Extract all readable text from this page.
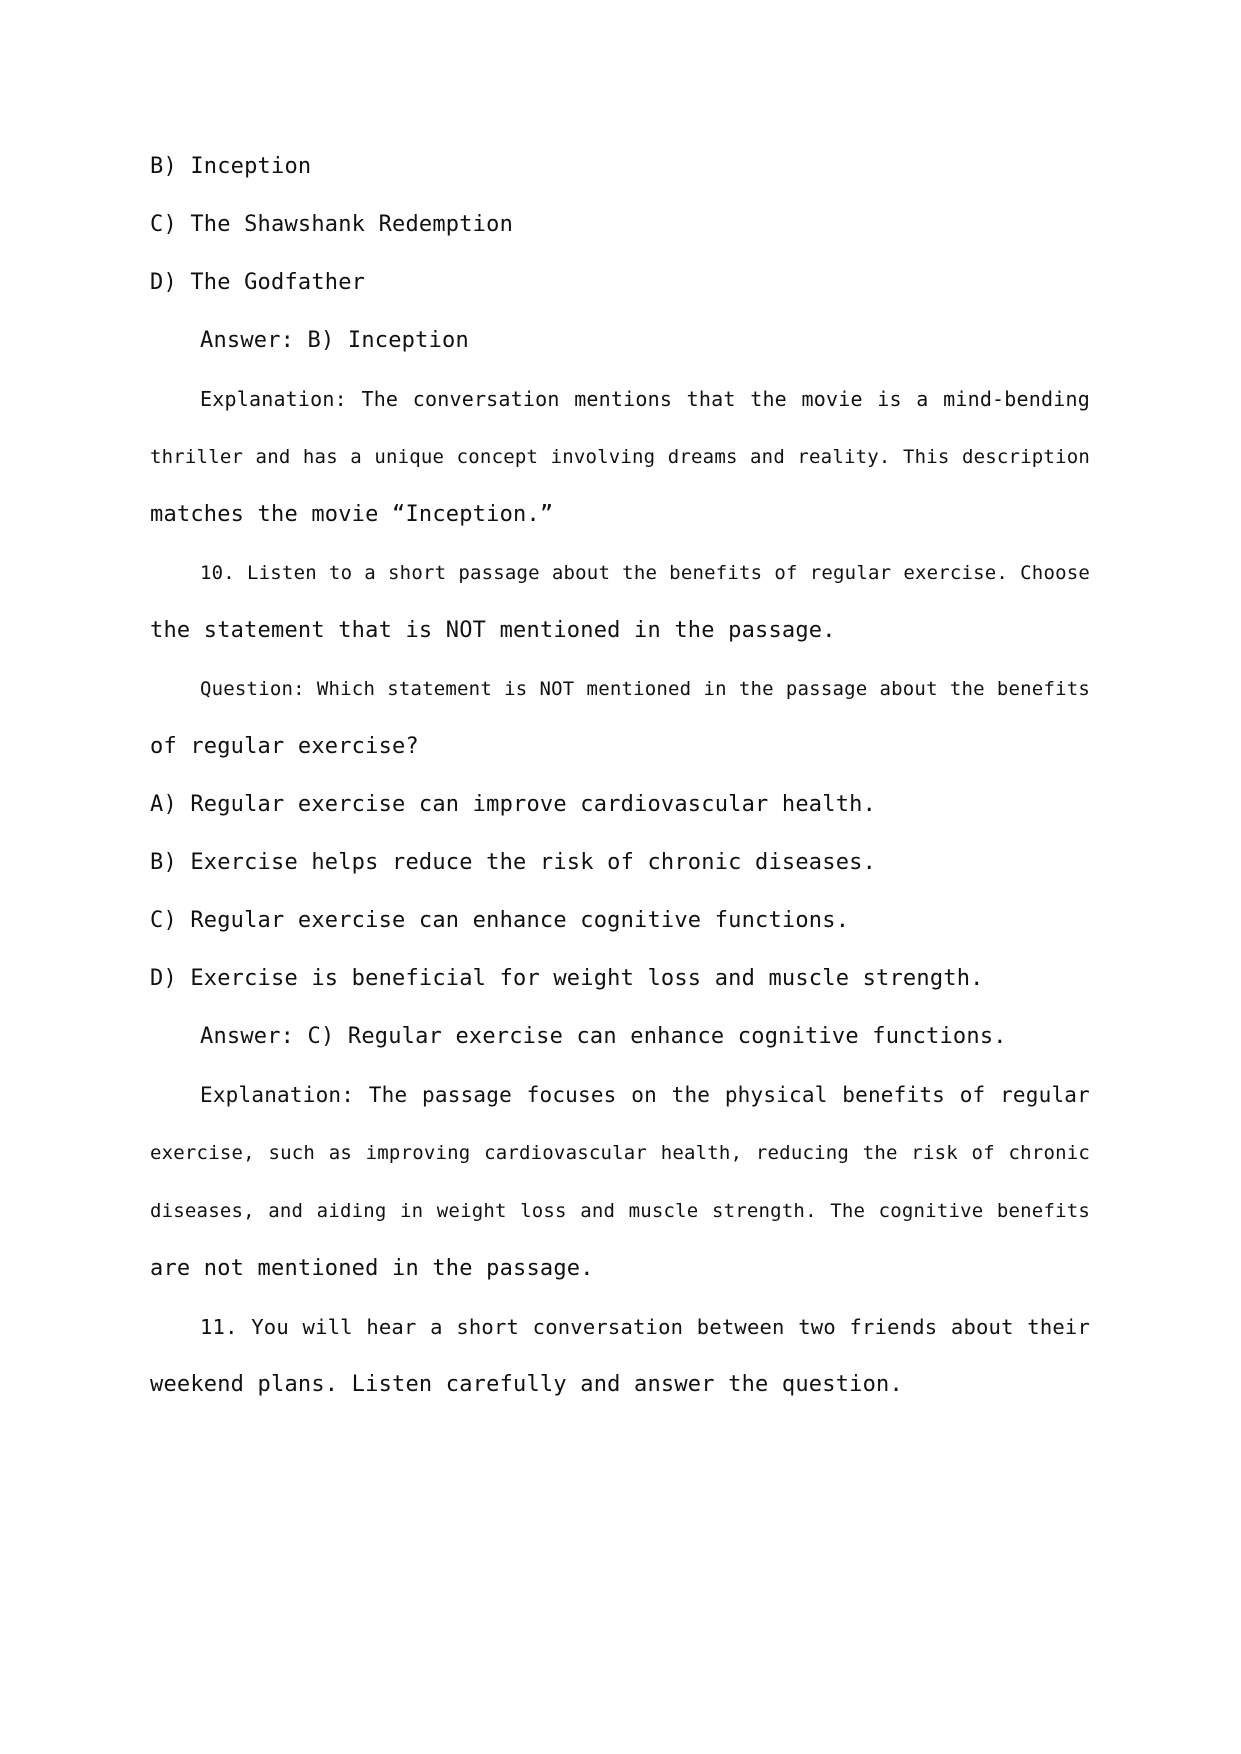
B) Inception
C) The Shawshank Redemption
D) The Godfather
Answer: B) Inception
Explanation: The conversation mentions that the movie is a mind-bending
thriller and has a unique concept involving dreams and reality. This description
matches the movie “Inception.”
10. Listen to a short passage about the benefits of regular exercise. Choose
the statement that is NOT mentioned in the passage.
Question: Which statement is NOT mentioned in the passage about the benefits
of regular exercise?
A) Regular exercise can improve cardiovascular health.
B) Exercise helps reduce the risk of chronic diseases.
C) Regular exercise can enhance cognitive functions.
D) Exercise is beneficial for weight loss and muscle strength.
Answer: C) Regular exercise can enhance cognitive functions.
Explanation: The passage focuses on the physical benefits of regular
exercise, such as improving cardiovascular health, reducing the risk of chronic
diseases, and aiding in weight loss and muscle strength. The cognitive benefits
are not mentioned in the passage.
11. You will hear a short conversation between two friends about their
weekend plans. Listen carefully and answer the question.
